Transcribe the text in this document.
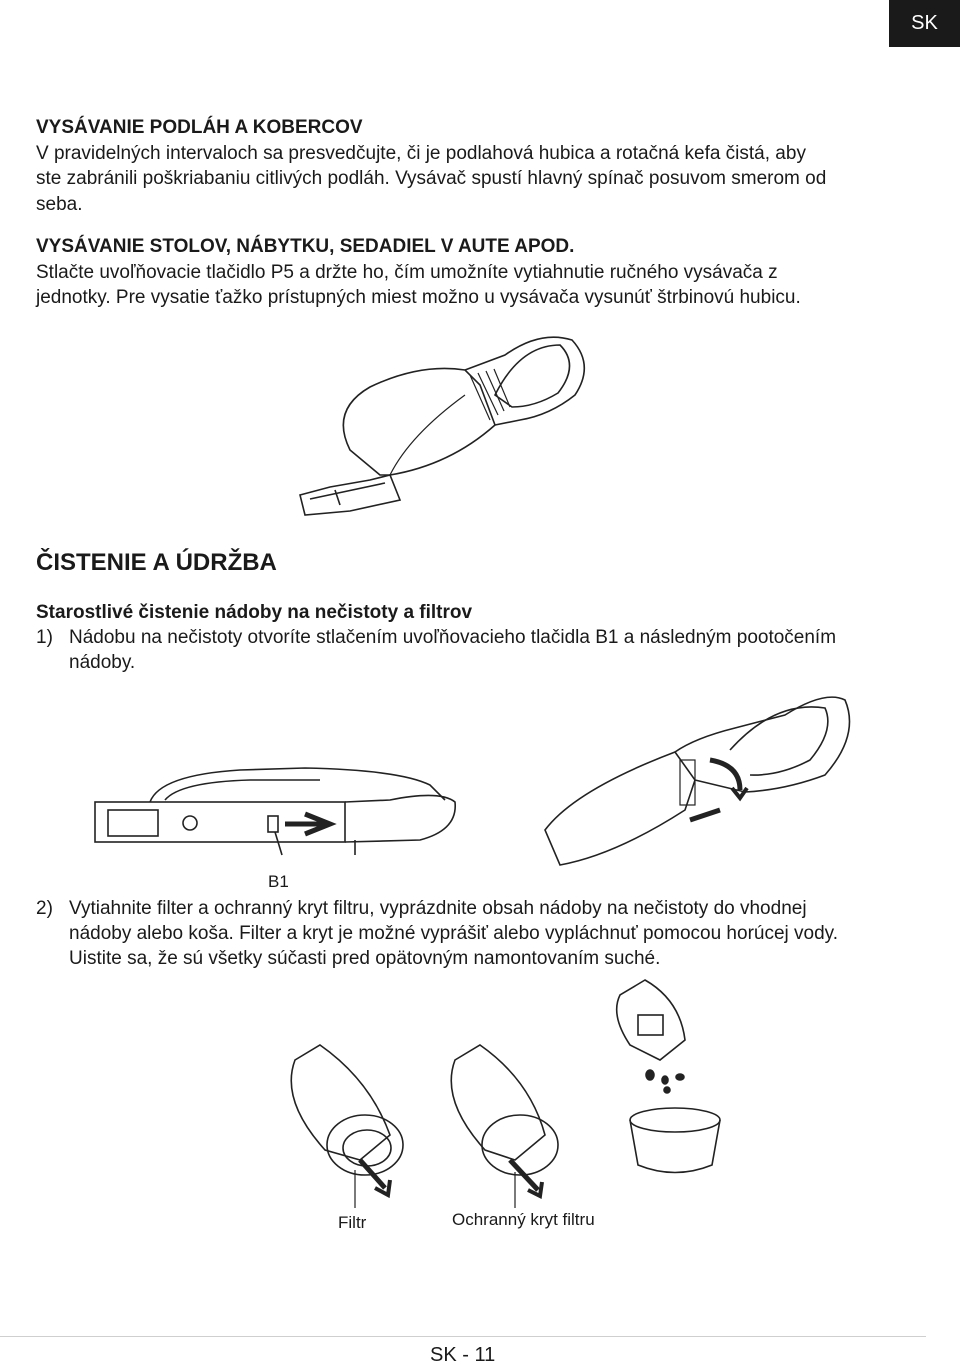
SK
VYSÁVANIE PODLÁH A KOBERCOV
V pravidelných intervaloch sa presvedčujte, či je podlahová hubica a rotačná kefa čistá, aby
ste zabránili poškriabaniu citlivých podláh. Vysávač spustí hlavný spínač posuvom smerom od
seba.
VYSÁVANIE STOLOV, NÁBYTKU, SEDADIEL V AUTE APOD.
Stlačte uvoľňovacie tlačidlo P5 a držte ho, čím umožníte vytiahnutie ručného vysávača z
jednotky. Pre vysatie ťažko prístupných miest možno u vysávača vysunúť štrbinovú hubicu.
ČISTENIE A ÚDRŽBA
Starostlivé čistenie nádoby na nečistoty a filtrov
1) Nádobu na nečistoty otvoríte stlačením uvoľňovacieho tlačidla B1 a následným pootočením
nádoby.
B1
2) Vytiahnite filter a ochranný kryt filtru, vyprázdnite obsah nádoby na nečistoty do vhodnej
nádoby alebo koša. Filter a kryt je možné vyprášiť alebo vypláchnuť pomocou horúcej vody.
Uistite sa, že sú všetky súčasti pred opätovným namontovaním suché.
Filtr	Ochranný kryt filtru
SK - 11
